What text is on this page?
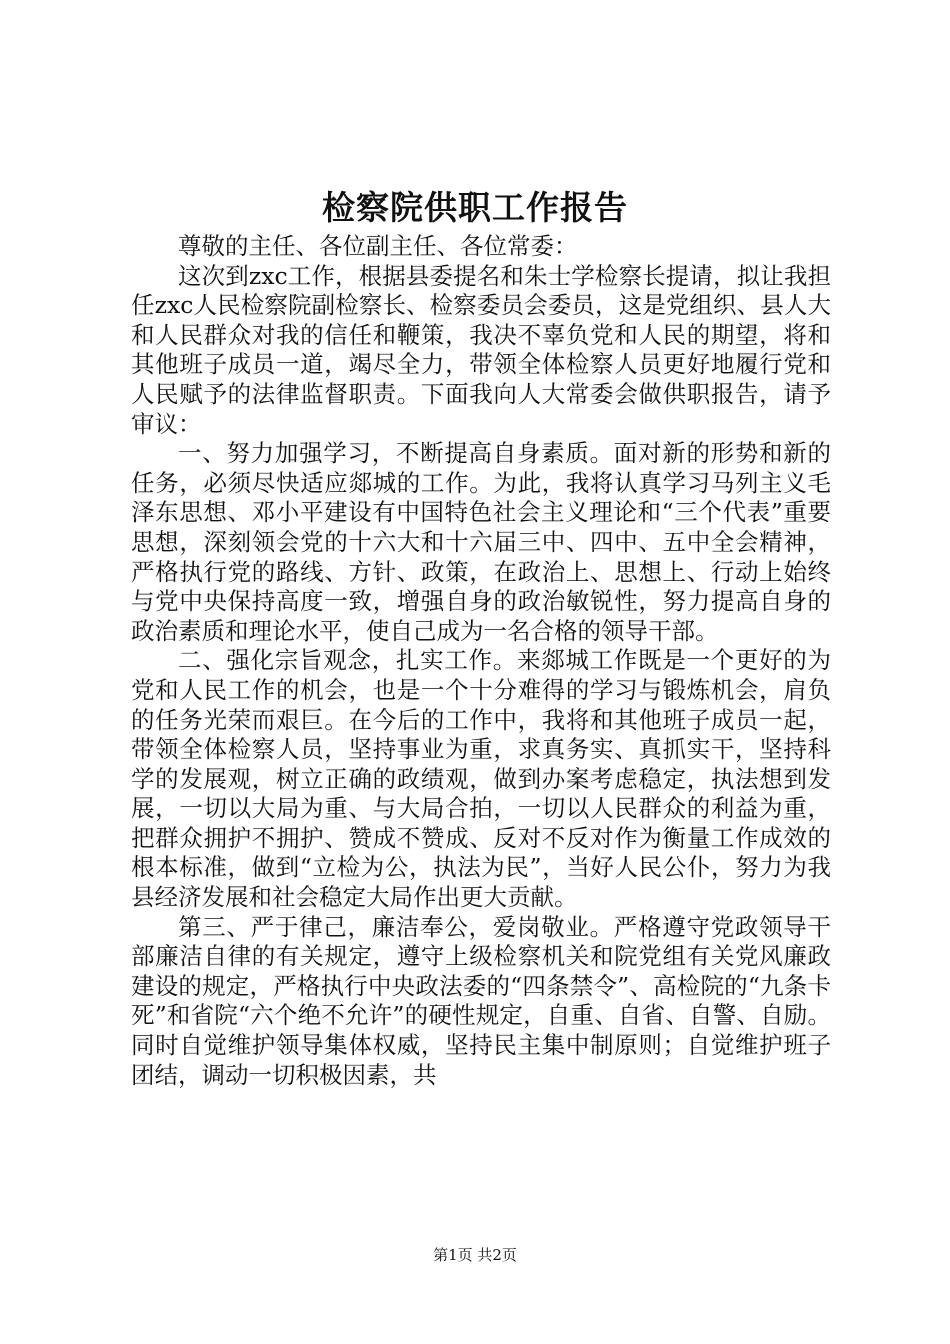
检察院供职工作报告

尊敬的主任、各位副主任、各位常委：

这次到zxc工作，根据县委提名和朱士学检察长提请，拟让我担任zxc人民检察院副检察长、检察委员会委员，这是党组织、县人大和人民群众对我的信任和鞭策，我决不辜负党和人民的期望，将和其他班子成员一道，竭尽全力，带领全体检察人员更好地履行党和人民赋予的法律监督职责。下面我向人大常委会做供职报告，请予审议：

一、努力加强学习，不断提高自身素质。面对新的形势和新的任务，必须尽快适应郯城的工作。为此，我将认真学习马列主义毛泽东思想、邓小平建设有中国特色社会主义理论和“三个代表”重要思想，深刻领会党的十六大和十六届三中、四中、五中全会精神，严格执行党的路线、方针、政策，在政治上、思想上、行动上始终与党中央保持高度一致，增强自身的政治敏锐性，努力提高自身的政治素质和理论水平，使自己成为一名合格的领导干部。

二、强化宗旨观念，扎实工作。来郯城工作既是一个更好的为党和人民工作的机会，也是一个十分难得的学习与锻炼机会，肩负的任务光荣而艰巨。在今后的工作中，我将和其他班子成员一起，带领全体检察人员，坚持事业为重，求真务实、真抓实干，坚持科学的发展观，树立正确的政绩观，做到办案考虑稳定，执法想到发展，一切以大局为重、与大局合拍，一切以人民群众的利益为重，把群众拥护不拥护、赞成不赞成、反对不反对作为衡量工作成效的根本标准，做到“立检为公，执法为民”，当好人民公仆，努力为我县经济发展和社会稳定大局作出更大贡献。

第三、严于律己，廉洁奉公，爱岗敬业。严格遵守党政领导干部廉洁自律的有关规定，遵守上级检察机关和院党组有关党风廉政建设的规定，严格执行中央政法委的“四条禁令”、高检院的“九条卡死”和省院“六个绝不允许”的硬性规定，自重、自省、自警、自励。同时自觉维护领导集体权威，坚持民主集中制原则；自觉维护班子团结，调动一切积极因素，共

第1页 共2页
